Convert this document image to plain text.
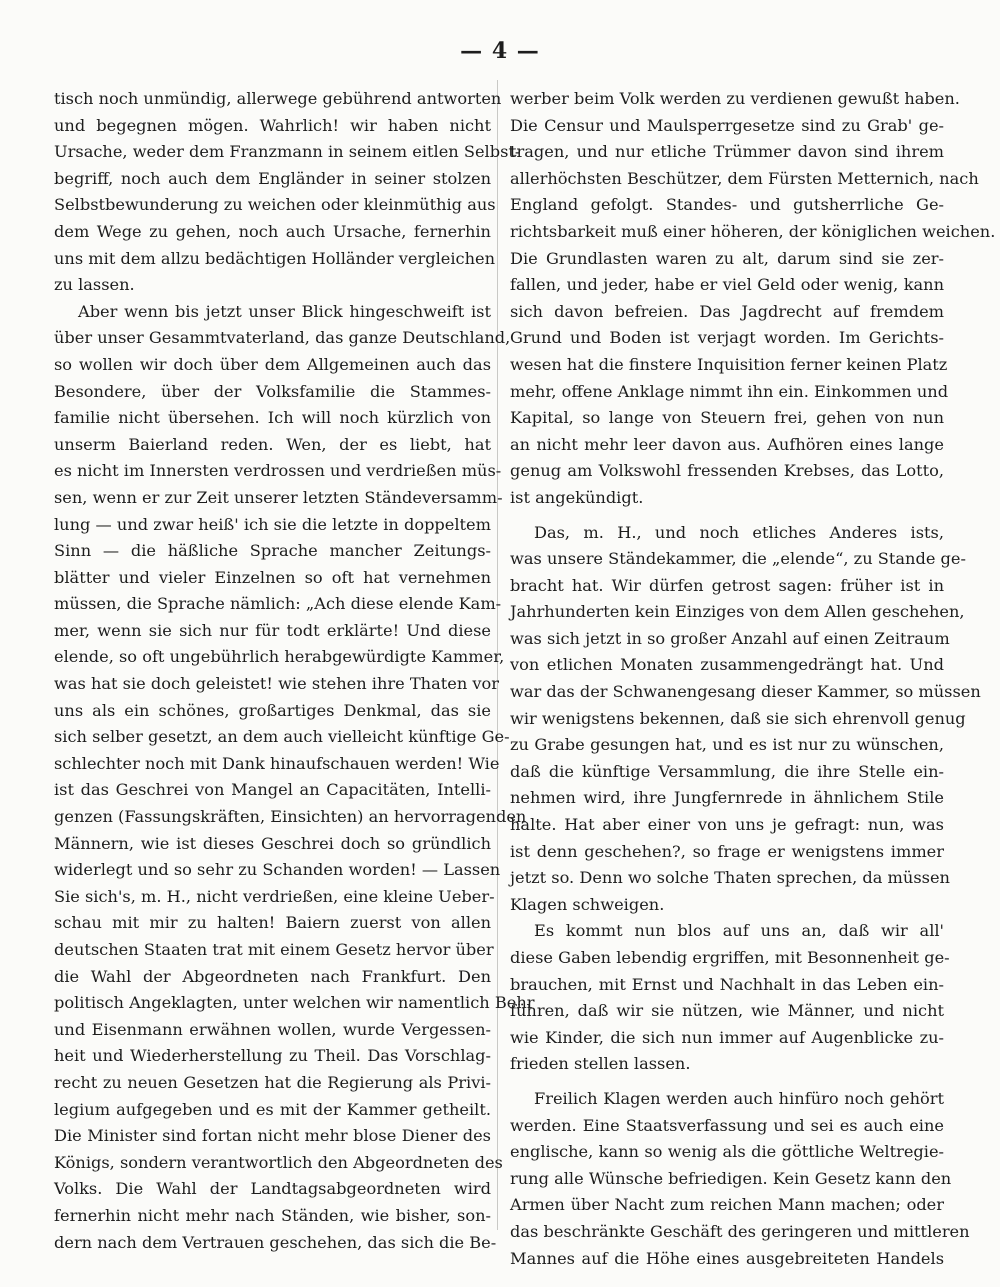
— 4 —
tisch noch unmündig, allerwege gebührend antworten
und begegnen mögen. Wahrlich! wir haben nicht
Ursache, weder dem Franzmann in seinem eitlen Selbst-
begriff, noch auch dem Engländer in seiner stolzen
Selbstbewunderung zu weichen oder kleinmüthig aus
dem Wege zu gehen, noch auch Ursache, fernerhin
uns mit dem allzu bedächtigen Holländer vergleichen
zu lassen.
Aber wenn bis jetzt unser Blick hingeschweift ist
über unser Gesammtvaterland, das ganze Deutschland,
so wollen wir doch über dem Allgemeinen auch das
Besondere, über der Volksfamilie die Stammes-
familie nicht übersehen. Ich will noch kürzlich von
unserm Baierland reden. Wen, der es liebt, hat
es nicht im Innersten verdrossen und verdrießen müs-
sen, wenn er zur Zeit unserer letzten Ständeversamm-
lung — und zwar heiß' ich sie die letzte in doppeltem
Sinn — die häßliche Sprache mancher Zeitungs-
blätter und vieler Einzelnen so oft hat vernehmen
müssen, die Sprache nämlich: „Ach diese elende Kam-
mer, wenn sie sich nur für todt erklärte! Und diese
elende, so oft ungebührlich herabgewürdigte Kammer,
was hat sie doch geleistet! wie stehen ihre Thaten vor
uns als ein schönes, großartiges Denkmal, das sie
sich selber gesetzt, an dem auch vielleicht künftige Ge-
schlechter noch mit Dank hinaufschauen werden! Wie
ist das Geschrei von Mangel an Capacitäten, Intelli-
genzen (Fassungskräften, Einsichten) an hervorragenden
Männern, wie ist dieses Geschrei doch so gründlich
widerlegt und so sehr zu Schanden worden! — Lassen
Sie sich's, m. H., nicht verdrießen, eine kleine Ueber-
schau mit mir zu halten! Baiern zuerst von allen
deutschen Staaten trat mit einem Gesetz hervor über
die Wahl der Abgeordneten nach Frankfurt. Den
politisch Angeklagten, unter welchen wir namentlich Behr
und Eisenmann erwähnen wollen, wurde Vergessen-
heit und Wiederherstellung zu Theil. Das Vorschlag-
recht zu neuen Gesetzen hat die Regierung als Privi-
legium aufgegeben und es mit der Kammer getheilt.
Die Minister sind fortan nicht mehr blose Diener des
Königs, sondern verantwortlich den Abgeordneten des
Volks. Die Wahl der Landtagsabgeordneten wird
fernerhin nicht mehr nach Ständen, wie bisher, son-
dern nach dem Vertrauen geschehen, das sich die Be-
werber beim Volk werden zu verdienen gewußt haben.
Die Censur und Maulsperrgesetze sind zu Grab' ge-
tragen, und nur etliche Trümmer davon sind ihrem
allerhöchsten Beschützer, dem Fürsten Metternich, nach
England gefolgt. Standes- und gutsherrliche Ge-
richtsbarkeit muß einer höheren, der königlichen weichen.
Die Grundlasten waren zu alt, darum sind sie zer-
fallen, und jeder, habe er viel Geld oder wenig, kann
sich davon befreien. Das Jagdrecht auf fremdem
Grund und Boden ist verjagt worden. Im Gerichts-
wesen hat die finstere Inquisition ferner keinen Platz
mehr, offene Anklage nimmt ihn ein. Einkommen und
Kapital, so lange von Steuern frei, gehen von nun
an nicht mehr leer davon aus. Aufhören eines lange
genug am Volkswohl fressenden Krebses, das Lotto,
ist angekündigt.
Das, m. H., und noch etliches Anderes ists,
was unsere Ständekammer, die „elende“, zu Stande ge-
bracht hat. Wir dürfen getrost sagen: früher ist in
Jahrhunderten kein Einziges von dem Allen geschehen,
was sich jetzt in so großer Anzahl auf einen Zeitraum
von etlichen Monaten zusammengedrängt hat. Und
war das der Schwanengesang dieser Kammer, so müssen
wir wenigstens bekennen, daß sie sich ehrenvoll genug
zu Grabe gesungen hat, und es ist nur zu wünschen,
daß die künftige Versammlung, die ihre Stelle ein-
nehmen wird, ihre Jungfernrede in ähnlichem Stile
halte. Hat aber einer von uns je gefragt: nun, was
ist denn geschehen?, so frage er wenigstens immer
jetzt so. Denn wo solche Thaten sprechen, da müssen
Klagen schweigen.
Es kommt nun blos auf uns an, daß wir all'
diese Gaben lebendig ergriffen, mit Besonnenheit ge-
brauchen, mit Ernst und Nachhalt in das Leben ein-
führen, daß wir sie nützen, wie Männer, und nicht
wie Kinder, die sich nun immer auf Augenblicke zu-
frieden stellen lassen.
Freilich Klagen werden auch hinfüro noch gehört
werden. Eine Staatsverfassung und sei es auch eine
englische, kann so wenig als die göttliche Weltregie-
rung alle Wünsche befriedigen. Kein Gesetz kann den
Armen über Nacht zum reichen Mann machen; oder
das beschränkte Geschäft des geringeren und mittleren
Mannes auf die Höhe eines ausgebreiteten Handels
